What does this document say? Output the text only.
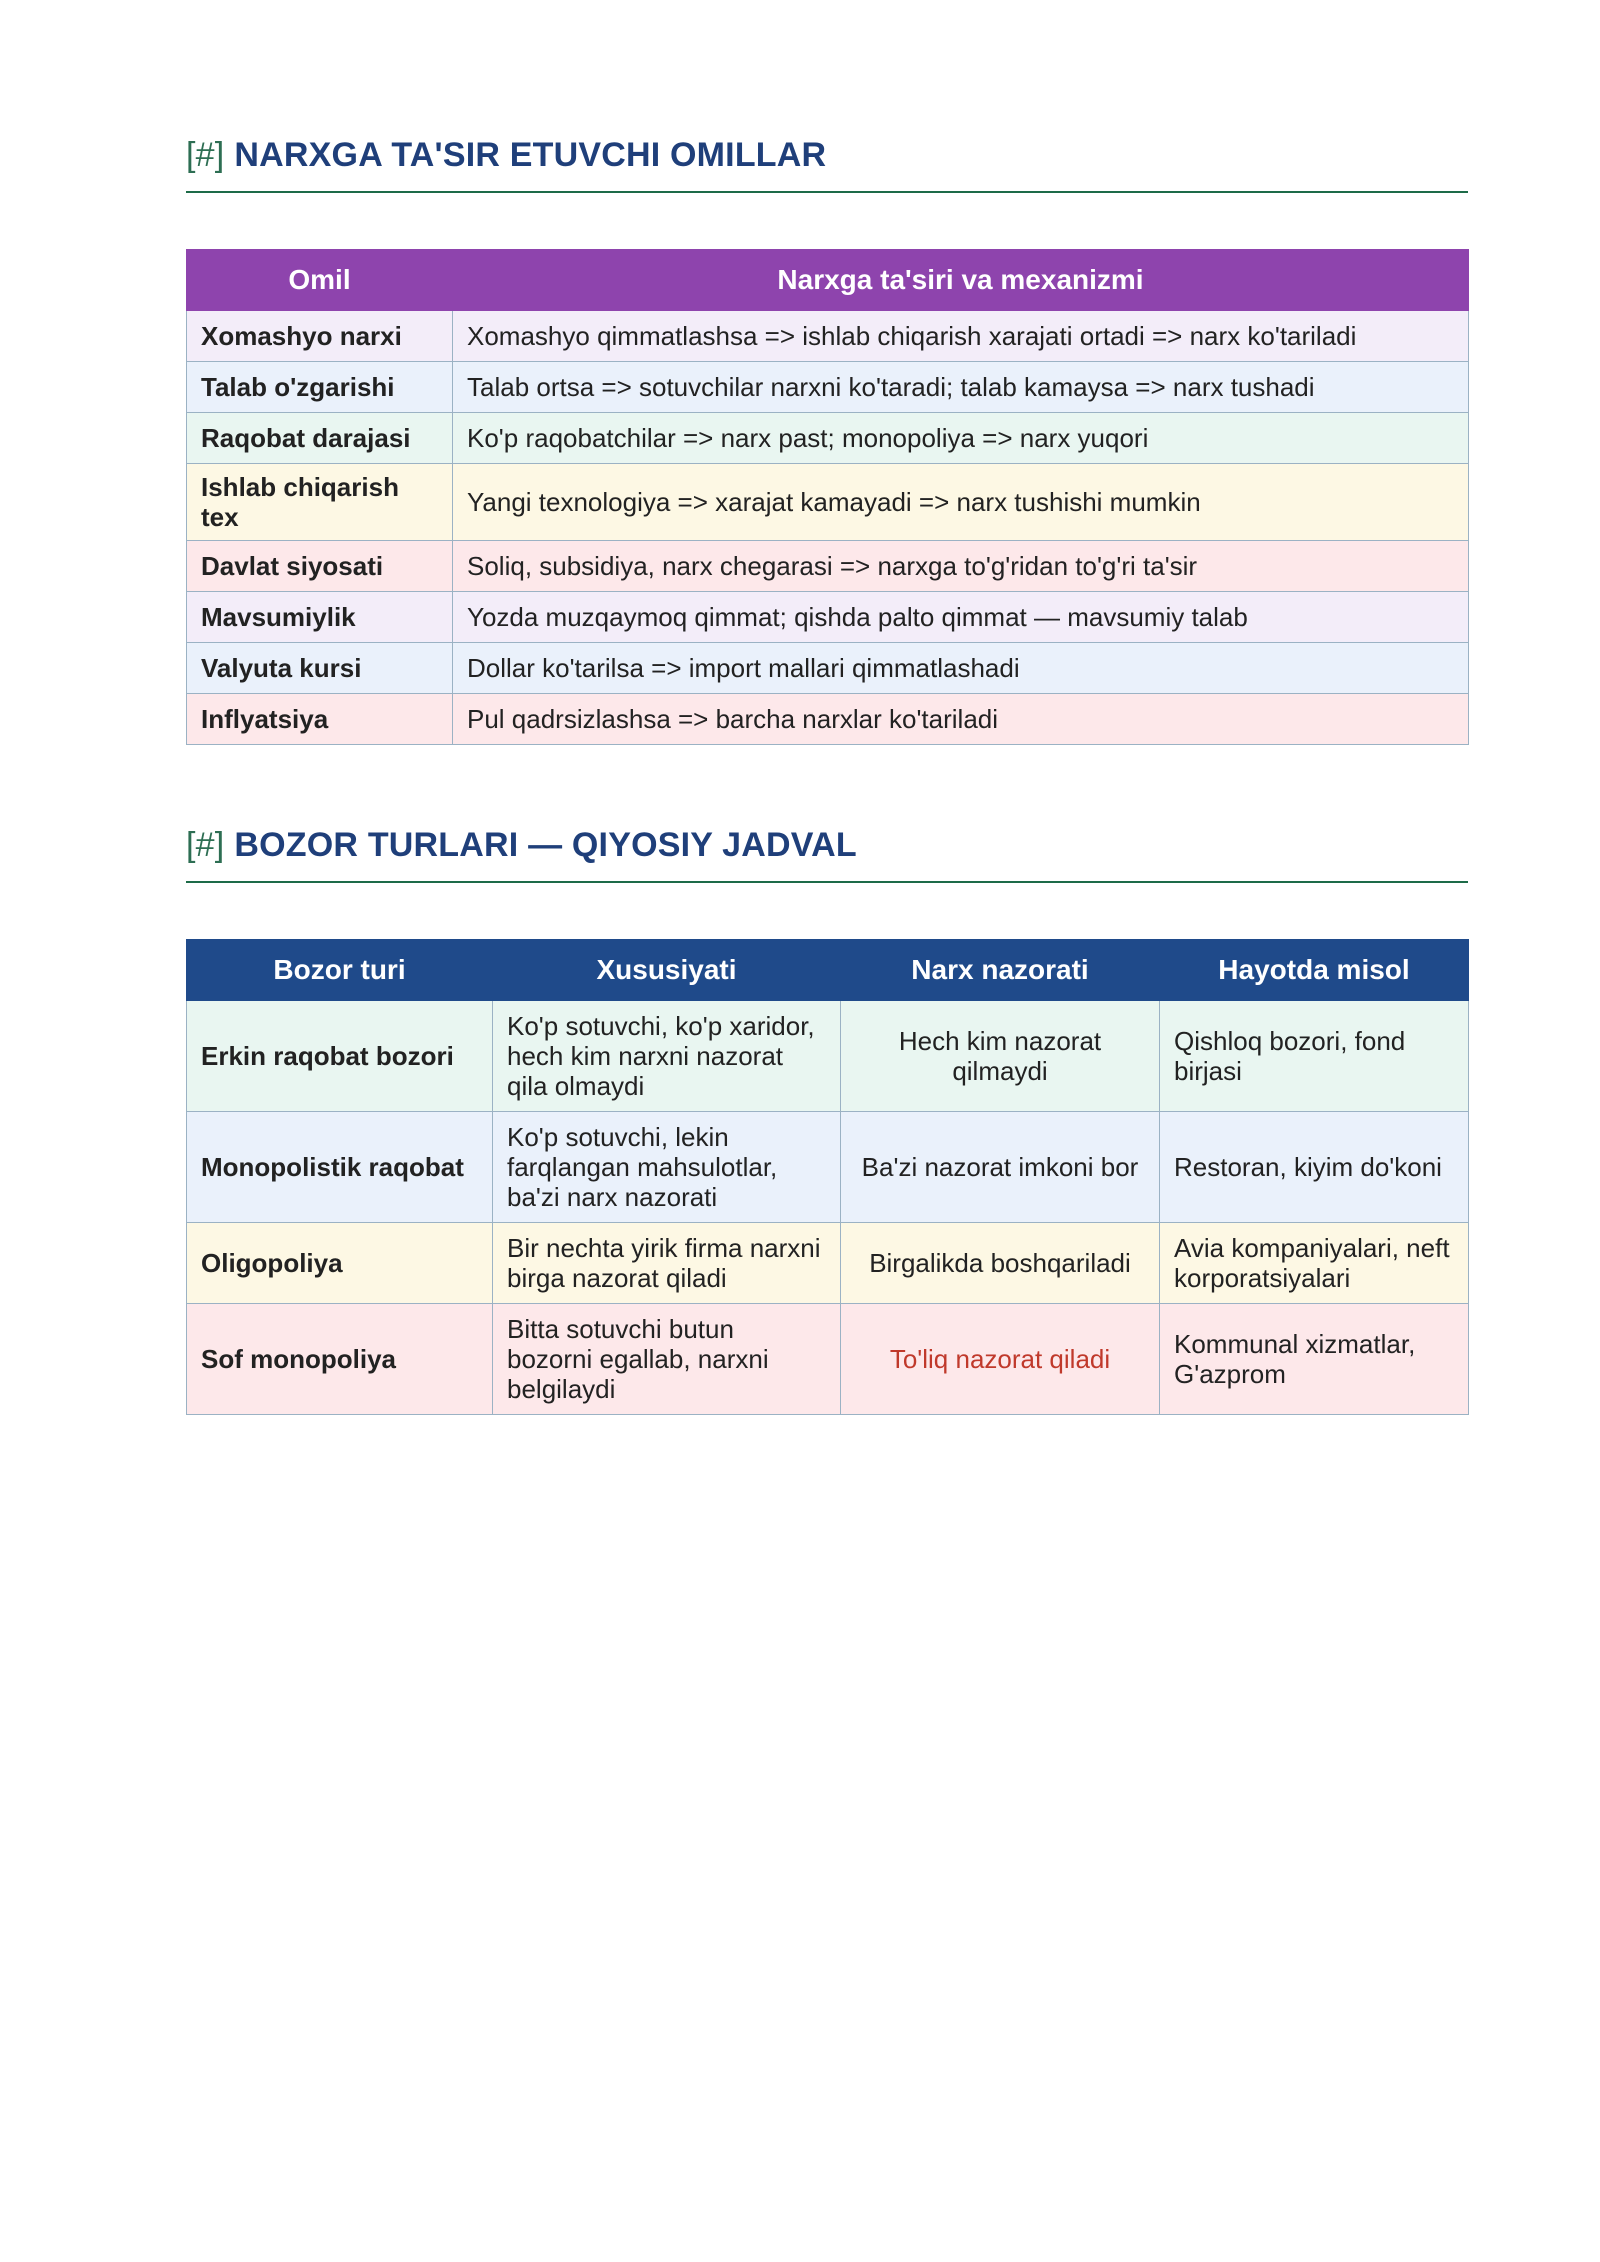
[#] NARXGA TA'SIR ETUVCHI OMILLAR
Omil	Narxga ta'siri va mexanizmi
Xomashyo narxi	Xomashyo qimmatlashsa => ishlab chiqarish xarajati ortadi => narx ko'tariladi
Talab o'zgarishi	Talab ortsa => sotuvchilar narxni ko'taradi; talab kamaysa => narx tushadi
Raqobat darajasi	Ko'p raqobatchilar => narx past; monopoliya => narx yuqori
Ishlab chiqarish tex	Yangi texnologiya => xarajat kamayadi => narx tushishi mumkin
Davlat siyosati	Soliq, subsidiya, narx chegarasi => narxga to'g'ridan to'g'ri ta'sir
Mavsumiylik	Yozda muzqaymoq qimmat; qishda palto qimmat — mavsumiy talab
Valyuta kursi	Dollar ko'tarilsa => import mallari qimmatlashadi
Inflyatsiya	Pul qadrsizlashsa => barcha narxlar ko'tariladi
[#] BOZOR TURLARI — QIYOSIY JADVAL
Bozor turi	Xususiyati	Narx nazorati	Hayotda misol
Erkin raqobat bozori	Ko'p sotuvchi, ko'p xaridor, hech kim narxni nazorat qila olmaydi	Hech kim nazorat qilmaydi	Qishloq bozori, fond birjasi
Monopolistik raqobat	Ko'p sotuvchi, lekin farqlangan mahsulotlar, ba'zi narx nazorati	Ba'zi nazorat imkoni bor	Restoran, kiyim do'koni
Oligopoliya	Bir nechta yirik firma narxni birga nazorat qiladi	Birgalikda boshqariladi	Avia kompaniyalari, neft korporatsiyalari
Sof monopoliya	Bitta sotuvchi butun bozorni egallab, narxni belgilaydi	To'liq nazorat qiladi	Kommunal xizmatlar, G'azprom
